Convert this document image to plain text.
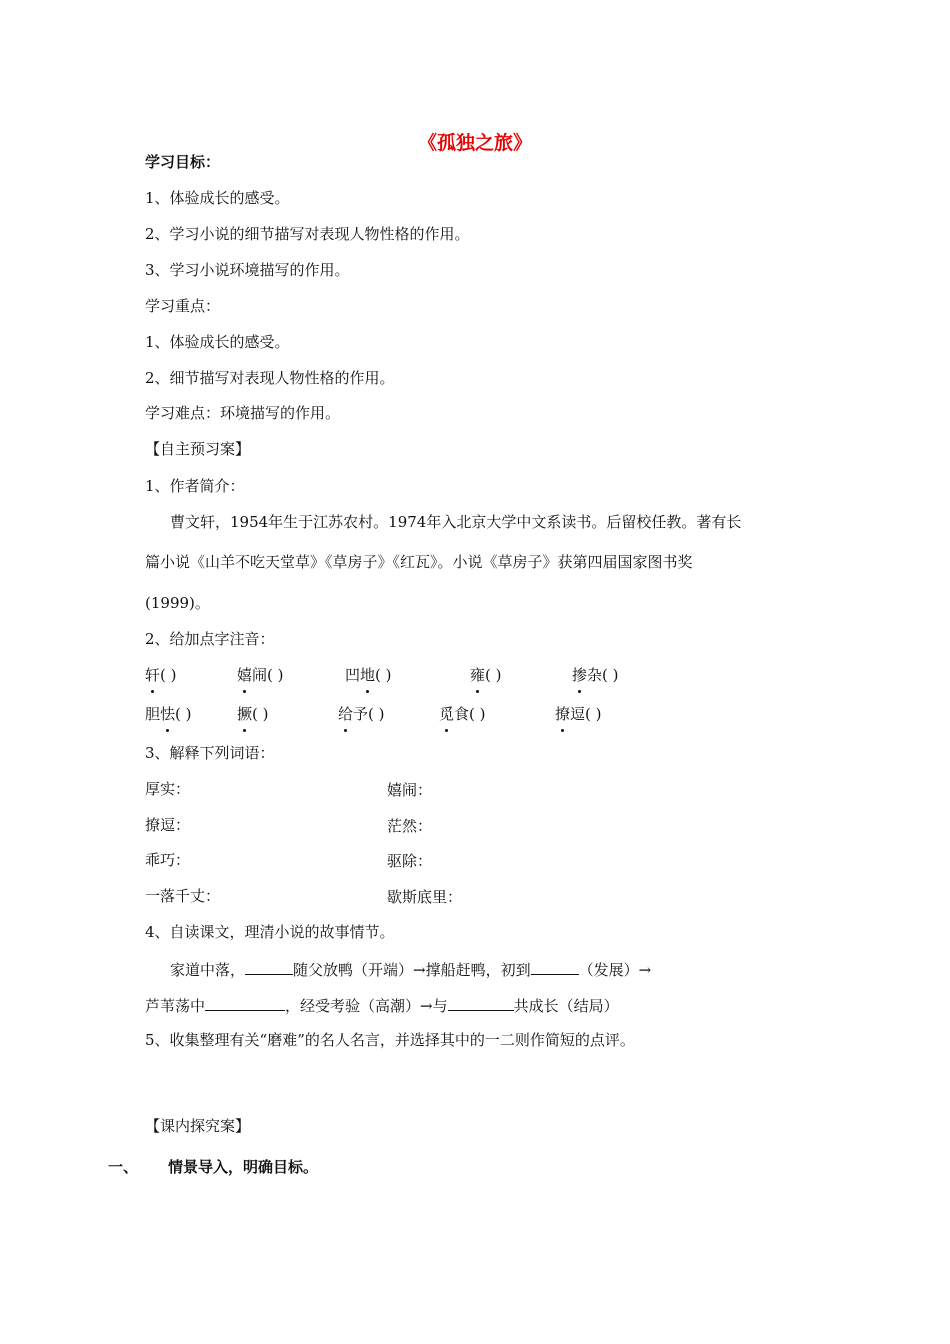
《孤独之旅》
学习目标：
1、体验成长的感受。
2、学习小说的细节描写对表现人物性格的作用。
3、学习小说环境描写的作用。
学习重点：
1、体验成长的感受。
2、细节描写对表现人物性格的作用。
学习难点：环境描写的作用。
【自主预习案】
1、作者简介：
曹文轩，1954年生于江苏农村。1974年入北京大学中文系读书。后留校任教。著有长
篇小说《山羊不吃天堂草》《草房子》《红瓦》。小说《草房子》获第四届国家图书奖
(1999)。
2、给加点字注音：
轩( )	嬉闹( )	凹地( )	雍( )	掺杂( )
胆怯( )	撅( )	给予( )	觅食( )	撩逗( )
3、解释下列词语：
厚实：	嬉闹：
撩逗：	茫然：
乖巧：	驱除：
一落千丈：	歇斯底里：
4、自读课文，理清小说的故事情节。
家道中落，	随父放鸭（开端）→撑船赶鸭，初到	（发展）→
芦苇荡中	，经受考验（高潮）→与	共成长（结局）
5、收集整理有关“磨难”的名人名言，并选择其中的一二则作简短的点评。
【课内探究案】
一、 情景导入，明确目标。
